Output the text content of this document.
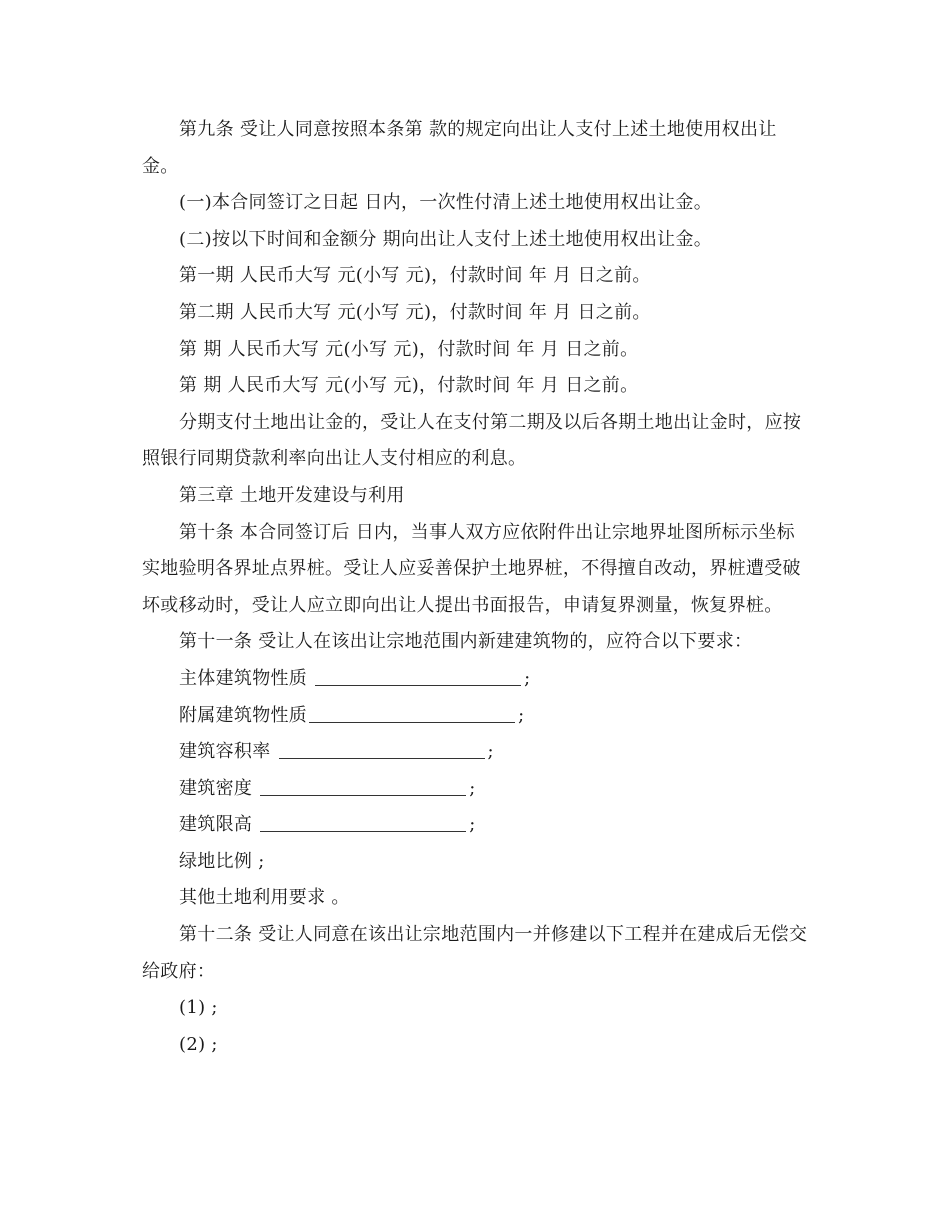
第九条 受让人同意按照本条第 款的规定向出让人支付上述土地使用权出让金。

(一)本合同签订之日起 日内，一次性付清上述土地使用权出让金。

(二)按以下时间和金额分 期向出让人支付上述土地使用权出让金。

第一期 人民币大写 元(小写 元)，付款时间 年 月 日之前。

第二期 人民币大写 元(小写 元)，付款时间 年 月 日之前。

第 期 人民币大写 元(小写 元)，付款时间 年 月 日之前。

第 期 人民币大写 元(小写 元)，付款时间 年 月 日之前。

分期支付土地出让金的，受让人在支付第二期及以后各期土地出让金时，应按照银行同期贷款利率向出让人支付相应的利息。

第三章 土地开发建设与利用

第十条 本合同签订后 日内，当事人双方应依附件出让宗地界址图所标示坐标实地验明各界址点界桩。受让人应妥善保护土地界桩，不得擅自改动，界桩遭受破坏或移动时，受让人应立即向出让人提出书面报告，申请复界测量，恢复界桩。

第十一条 受让人在该出让宗地范围内新建建筑物的，应符合以下要求：

主体建筑物性质	;

附属建筑物性质	;

建筑容积率	;

建筑密度	;

建筑限高	;

绿地比例 ;

其他土地利用要求 。

第十二条 受让人同意在该出让宗地范围内一并修建以下工程并在建成后无偿交给政府：

(1) ;

(2) ;
